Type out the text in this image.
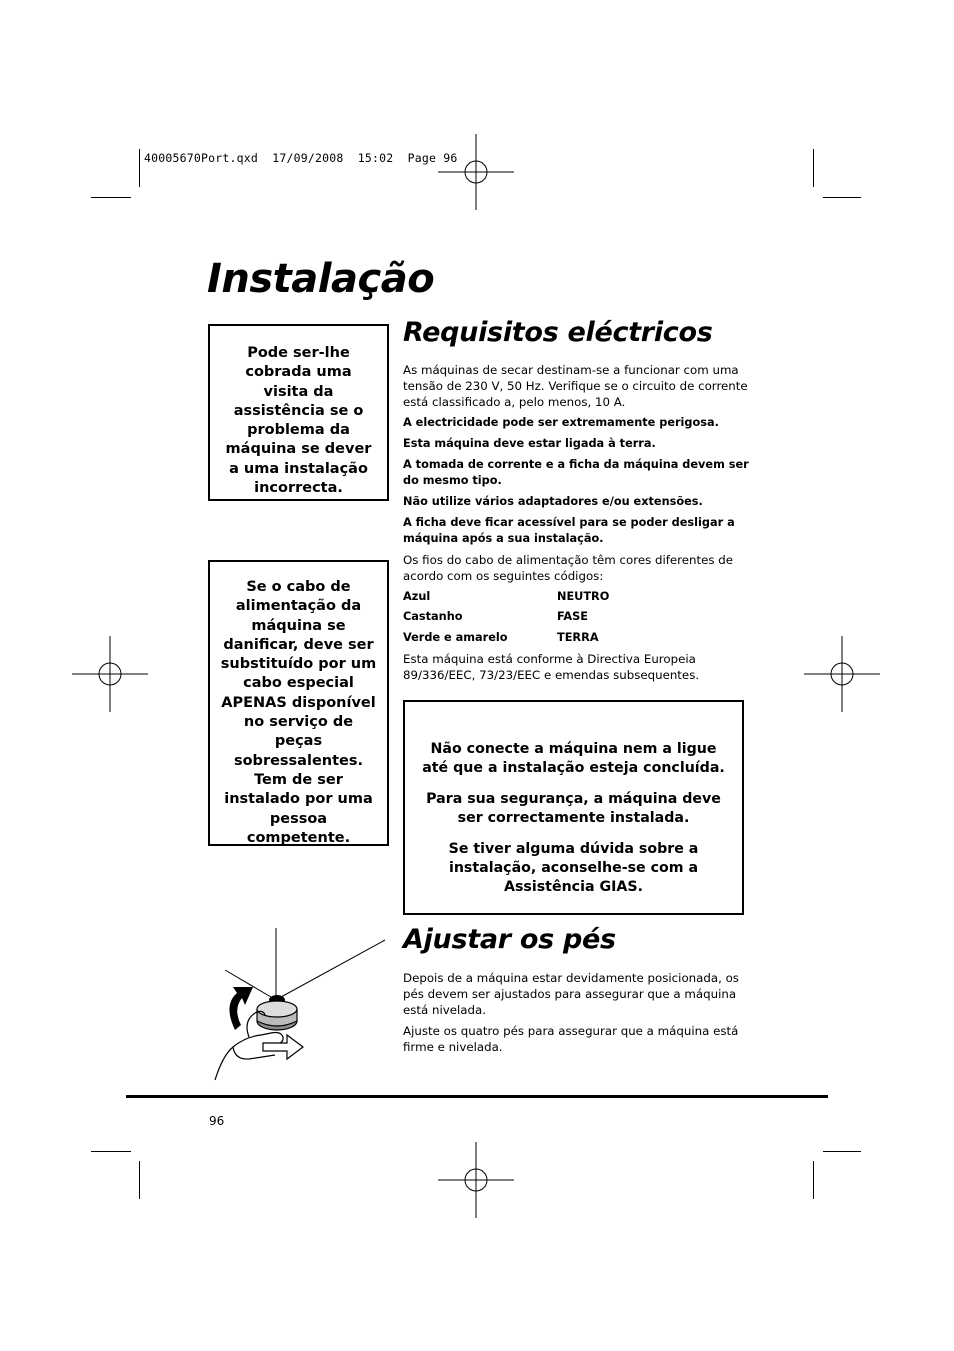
40005670Port.qxd  17/09/2008  15:02  Page 96
Instalação
Pode ser-lhe cobrada uma visita da assistência se o problema da máquina se dever a uma instalação incorrecta.
Se o cabo de alimentação da máquina se danificar, deve ser substituído por um cabo especial APENAS disponível no serviço de peças sobressalentes. Tem de ser instalado por uma pessoa competente.
Requisitos eléctricos

As máquinas de secar destinam-se a funcionar com uma tensão de 230 V, 50 Hz. Verifique se o circuito de corrente está classificado a, pelo menos, 10 A.

A electricidade pode ser extremamente perigosa.

Esta máquina deve estar ligada à terra.

A tomada de corrente e a ficha da máquina devem ser do mesmo tipo.

Não utilize vários adaptadores e/ou extensões.

A ficha deve ficar acessível para se poder desligar a máquina após a sua instalação.

Os fios do cabo de alimentação têm cores diferentes de acordo com os seguintes códigos:

Azul	NEUTRO
Castanho	FASE
Verde e amarelo	TERRA

Esta máquina está conforme à Directiva Europeia 89/336/EEC, 73/23/EEC e emendas subsequentes.

Não conecte a máquina nem a ligue até que a instalação esteja concluída.

Para sua segurança, a máquina deve ser correctamente instalada.

Se tiver alguma dúvida sobre a instalação, aconselhe-se com a Assistência GIAS.

Ajustar os pés

Depois de a máquina estar devidamente posicionada, os pés devem ser ajustados para assegurar que a máquina está nivelada.

Ajuste os quatro pés para assegurar que a máquina está firme e nivelada.

96
